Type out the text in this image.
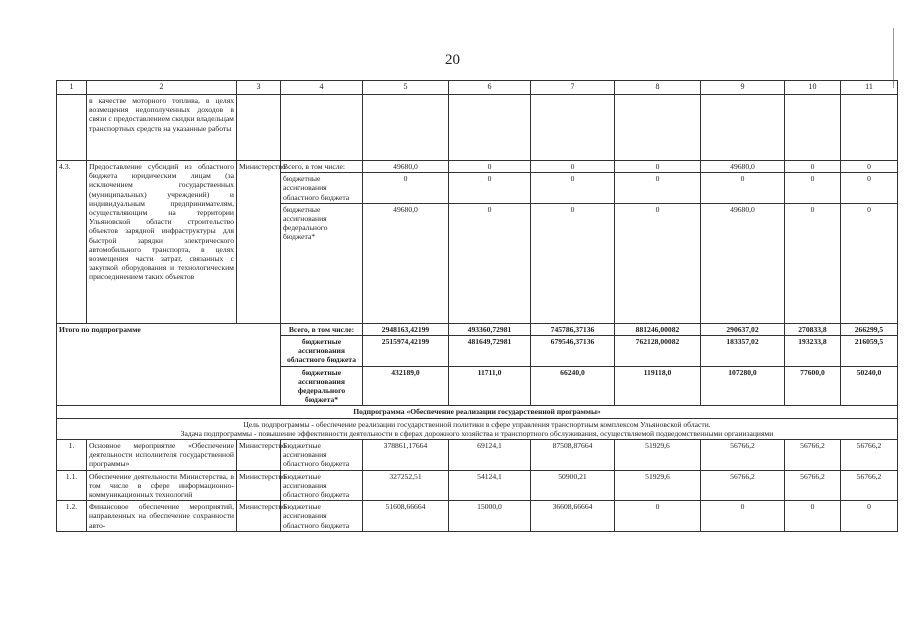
20
1	2	3	4	5	6	7	8	9	10	11
	в качестве моторного топлива, в целях возмещения недополученных доходов в связи с предоставлением скидки владельцам транспортных средств на указанные работы									
4.3.	Предоставление субсидий из областного бюджета юридическим лицам (за исключением государственных (муниципальных) учреждений) и индивидуальным предпринимателям, осуществляющим на территории Ульяновской области строительство объектов зарядной инфраструктуры для быстрой зарядки электрического автомобильного транспорта, в целях возмещения части затрат, связанных с закупкой оборудования и технологическим присоединением таких объектов	Министерство	Всего, в том числе:	49680,0	0	0	0	49680,0	0	0
			бюджетные ассигнования областного бюджета	0	0	0	0	0	0	0
			бюджетные ассигнования федерального бюджета*	49680,0	0	0	0	49680,0	0	0
Итого по подпрограмме			Всего, в том числе:	2948163,42199	493360,72981	745786,37136	881246,00082	290637,02	270833,8	266299,5
			бюджетные ассигнования областного бюджета	2515974,42199	481649,72981	679546,37136	762128,00082	183357,02	193233,8	216059,5
			бюджетные ассигнования федерального бюджета*	432189,0	11711,0	66240,0	119118,0	107280,0	77600,0	50240,0
Подпрограмма «Обеспечение реализации государственной программы»										

Цель подпрограммы - обеспечение реализации государственной политики в сфере управления транспортным комплексом Ульяновской области.
Задача подпрограммы - повышение эффективности деятельности в сферах дорожного хозяйства и транспортного обслуживания, осуществляемой подведомственными организациями										

1.	Основное мероприятие «Обеспечение деятельности исполнителя государственной программы»	Министерство	Бюджетные ассигнования областного бюджета	378861,17664	69124,1	87508,87664	51929,6	56766,2	56766,2	56766,2
1.1.	Обеспечение деятельности Министерства, в том числе в сфере информационно-коммуникационных технологий	Министерство	Бюджетные ассигнования областного бюджета	327252,51	54124,1	50900,21	51929,6	56766,2	56766,2	56766,2
1.2.	Финансовое обеспечение мероприятий, направленных на обеспечение сохранности авто-	Министерство	Бюджетные ассигнования областного бюджета	51608,66664	15000,0	36608,66664	0	0	0	0
